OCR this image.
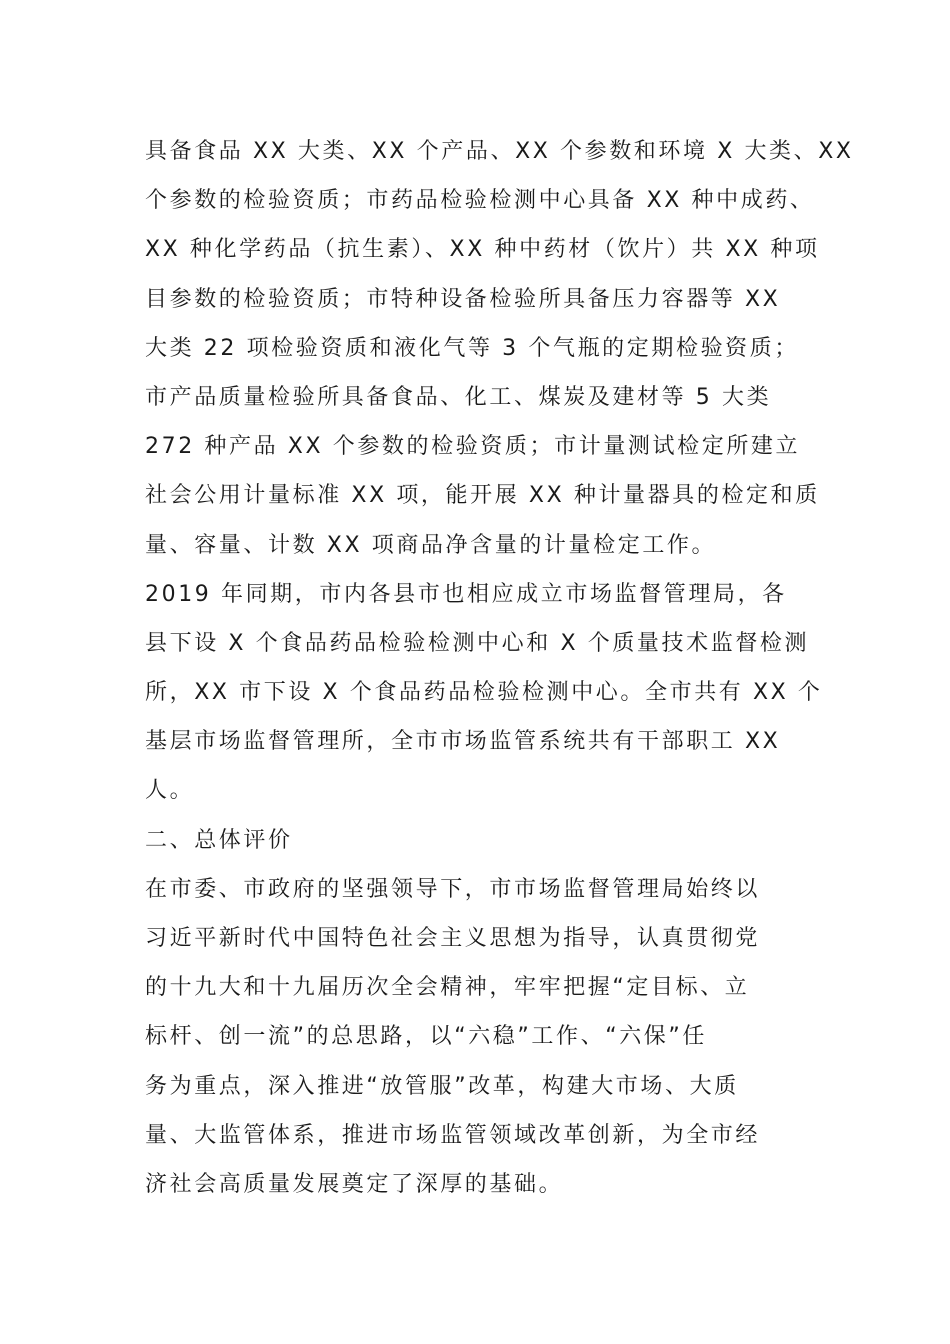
具备食品 XX 大类、XX 个产品、XX 个参数和环境 X 大类、XX
个参数的检验资质；市药品检验检测中心具备 XX 种中成药、
XX 种化学药品（抗生素）、XX 种中药材（饮片）共 XX 种项
目参数的检验资质；市特种设备检验所具备压力容器等 XX
大类 22 项检验资质和液化气等 3 个气瓶的定期检验资质；
市产品质量检验所具备食品、化工、煤炭及建材等 5 大类
272 种产品 XX 个参数的检验资质；市计量测试检定所建立
社会公用计量标准 XX 项，能开展 XX 种计量器具的检定和质
量、容量、计数 XX 项商品净含量的计量检定工作。
2019 年同期，市内各县市也相应成立市场监督管理局，各
县下设 X 个食品药品检验检测中心和 X 个质量技术监督检测
所，XX 市下设 X 个食品药品检验检测中心。全市共有 XX 个
基层市场监督管理所，全市市场监管系统共有干部职工 XX
人。
二、总体评价
在市委、市政府的坚强领导下，市市场监督管理局始终以
习近平新时代中国特色社会主义思想为指导，认真贯彻党
的十九大和十九届历次全会精神，牢牢把握“定目标、立
标杆、创一流”的总思路，以“六稳”工作、“六保”任
务为重点，深入推进“放管服”改革，构建大市场、大质
量、大监管体系，推进市场监管领域改革创新，为全市经
济社会高质量发展奠定了深厚的基础。
